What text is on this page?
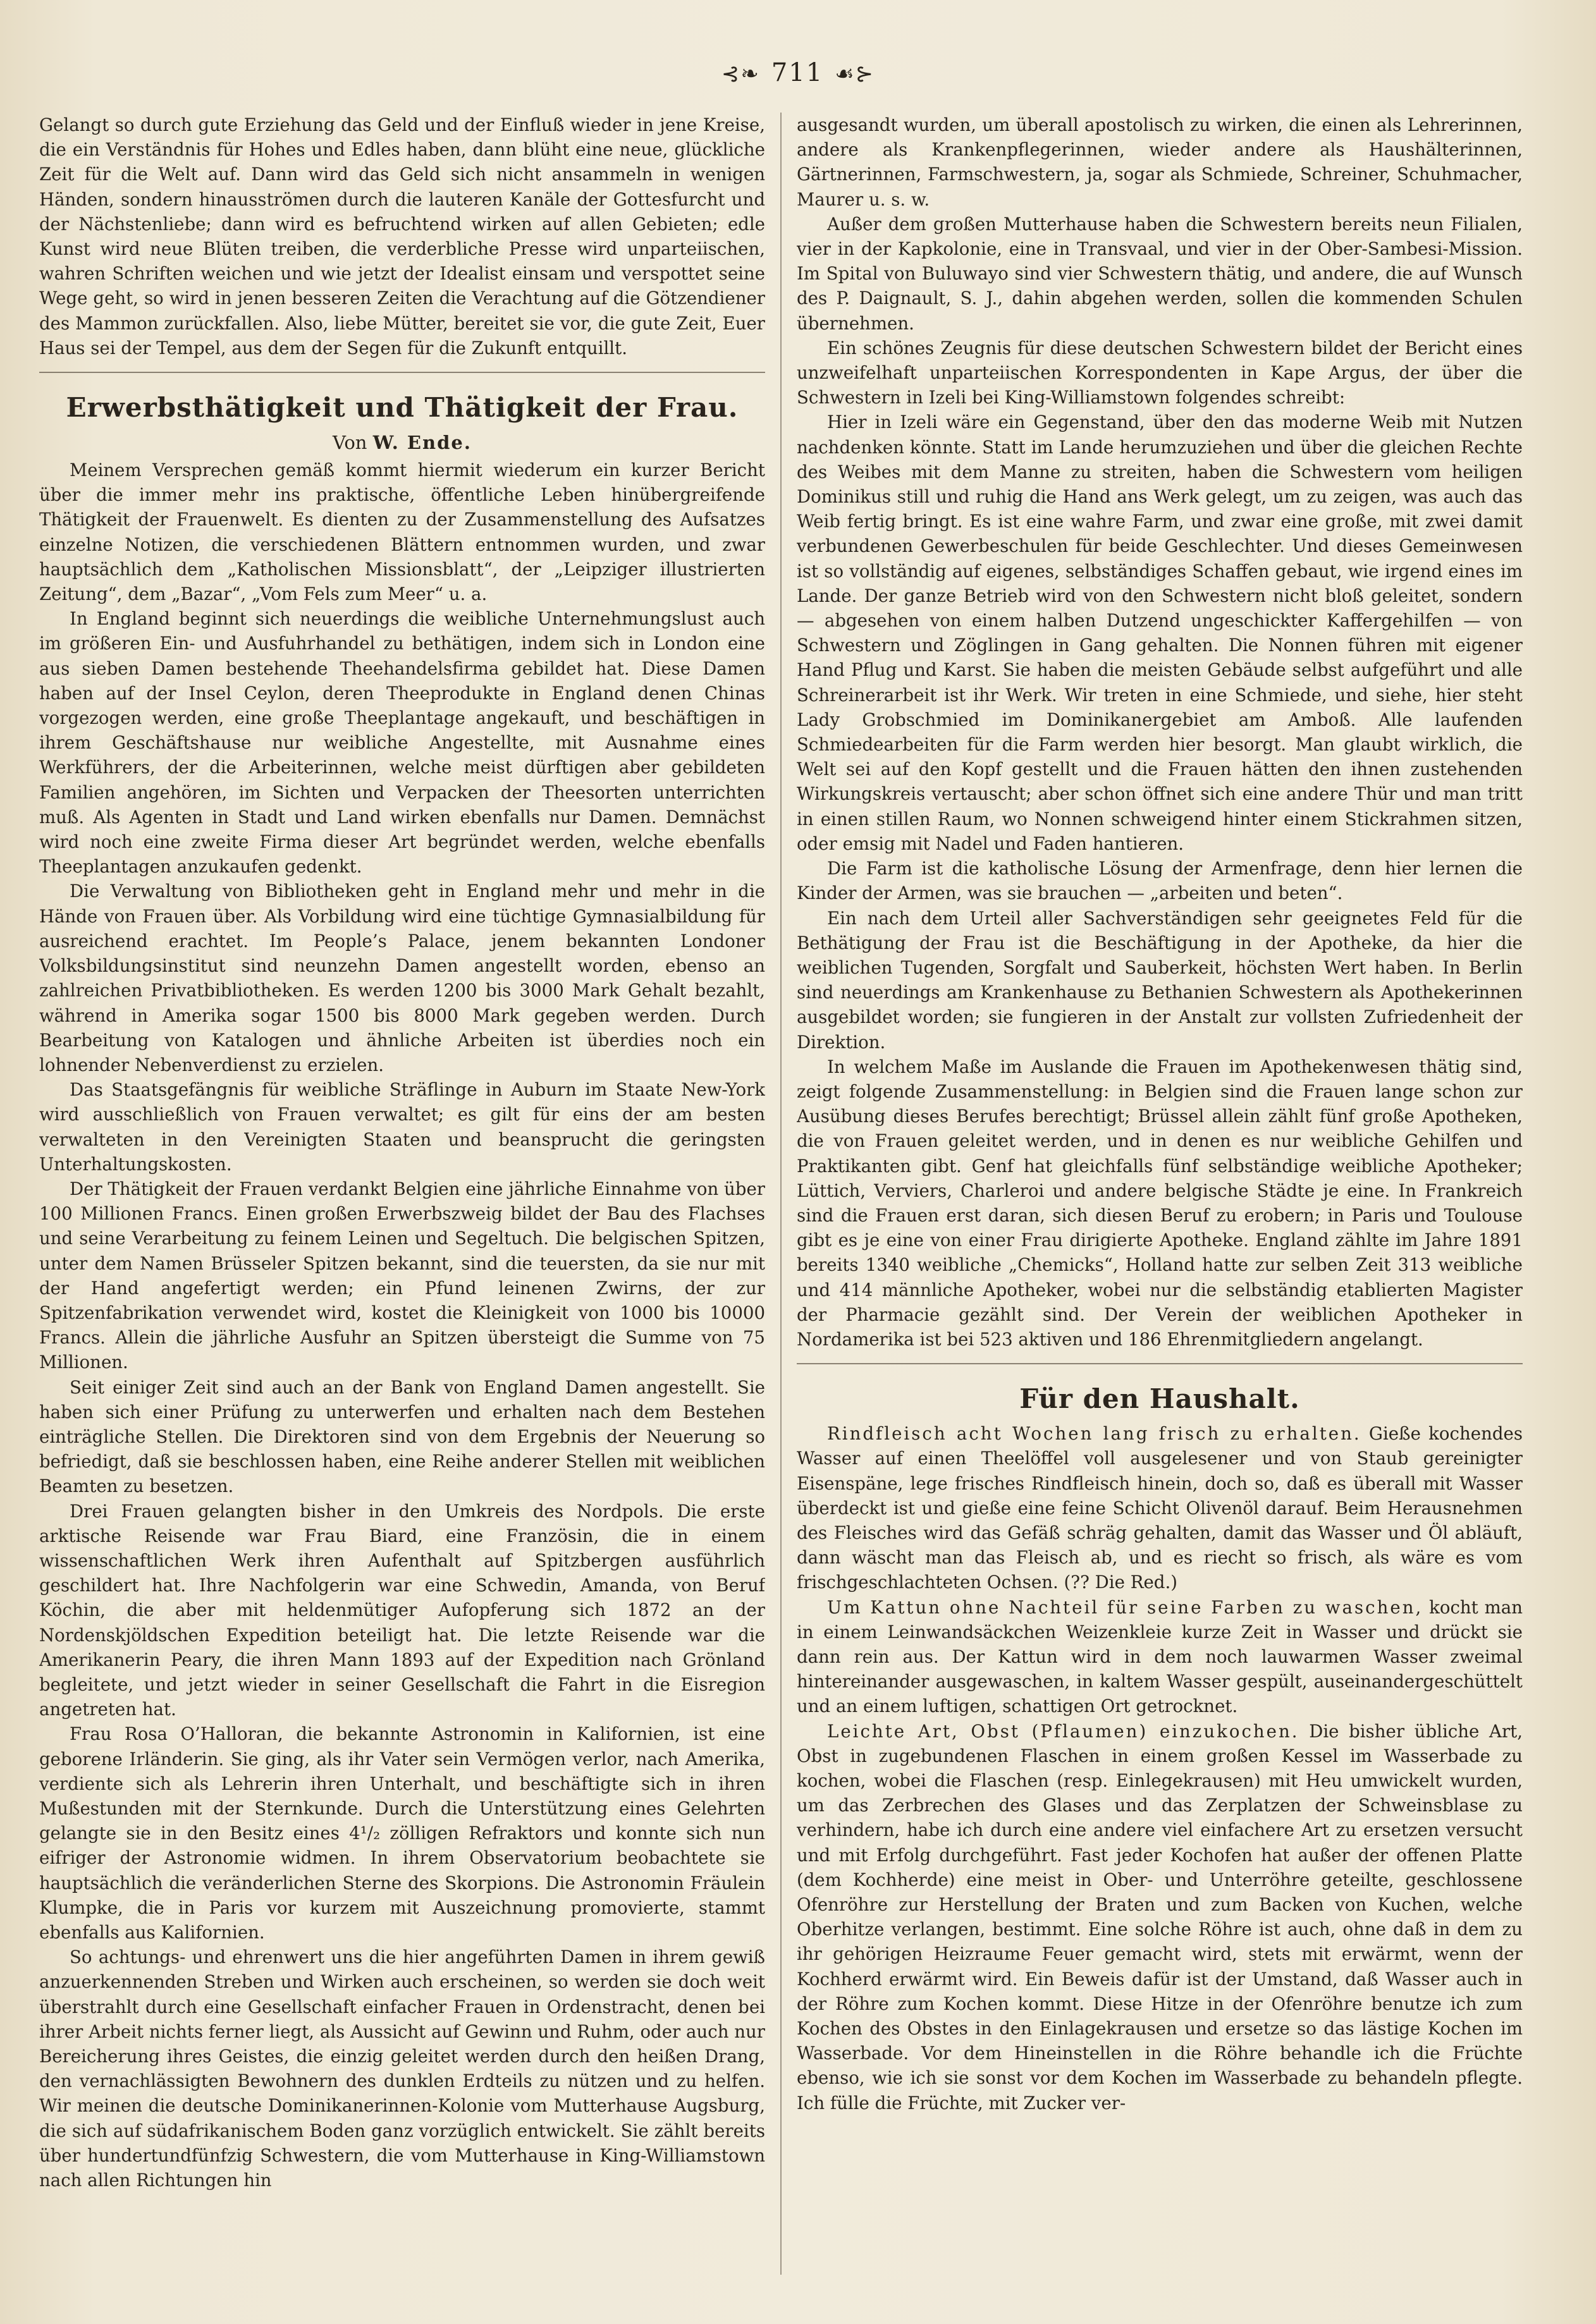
⊰❧ 711 ☙⊱

Gelangt so durch gute Erziehung das Geld und der Einfluß wieder in jene Kreise, die ein Verständnis für Hohes und Edles haben, dann blüht eine neue, glückliche Zeit für die Welt auf. Dann wird das Geld sich nicht ansammeln in wenigen Händen, sondern hinausströmen durch die lauteren Kanäle der Gottesfurcht und der Nächstenliebe; dann wird es befruchtend wirken auf allen Gebieten; edle Kunst wird neue Blüten treiben, die verderbliche Presse wird unparteiischen, wahren Schriften weichen und wie jetzt der Idealist einsam und verspottet seine Wege geht, so wird in jenen besseren Zeiten die Verachtung auf die Götzendiener des Mammon zurückfallen. Also, liebe Mütter, bereitet sie vor, die gute Zeit, Euer Haus sei der Tempel, aus dem der Segen für die Zukunft entquillt.

Erwerbsthätigkeit und Thätigkeit der Frau.
Von W. Ende.

Meinem Versprechen gemäß kommt hiermit wiederum ein kurzer Bericht über die immer mehr ins praktische, öffentliche Leben hinübergreifende Thätigkeit der Frauenwelt. Es dienten zu der Zusammenstellung des Aufsatzes einzelne Notizen, die verschiedenen Blättern entnommen wurden, und zwar hauptsächlich dem „Katholischen Missionsblatt“, der „Leipziger illustrierten Zeitung“, dem „Bazar“, „Vom Fels zum Meer“ u. a.

In England beginnt sich neuerdings die weibliche Unternehmungslust auch im größeren Ein- und Ausfuhrhandel zu bethätigen, indem sich in London eine aus sieben Damen bestehende Theehandelsfirma gebildet hat. Diese Damen haben auf der Insel Ceylon, deren Theeprodukte in England denen Chinas vorgezogen werden, eine große Theeplantage angekauft, und beschäftigen in ihrem Geschäftshause nur weibliche Angestellte, mit Ausnahme eines Werkführers, der die Arbeiterinnen, welche meist dürftigen aber gebildeten Familien angehören, im Sichten und Verpacken der Theesorten unterrichten muß. Als Agenten in Stadt und Land wirken ebenfalls nur Damen. Demnächst wird noch eine zweite Firma dieser Art begründet werden, welche ebenfalls Theeplantagen anzukaufen gedenkt.

Die Verwaltung von Bibliotheken geht in England mehr und mehr in die Hände von Frauen über. Als Vorbildung wird eine tüchtige Gymnasialbildung für ausreichend erachtet. Im People’s Palace, jenem bekannten Londoner Volksbildungsinstitut sind neunzehn Damen angestellt worden, ebenso an zahlreichen Privatbibliotheken. Es werden 1200 bis 3000 Mark Gehalt bezahlt, während in Amerika sogar 1500 bis 8000 Mark gegeben werden. Durch Bearbeitung von Katalogen und ähnliche Arbeiten ist überdies noch ein lohnender Nebenverdienst zu erzielen.

Das Staatsgefängnis für weibliche Sträflinge in Auburn im Staate New-York wird ausschließlich von Frauen verwaltet; es gilt für eins der am besten verwalteten in den Vereinigten Staaten und beansprucht die geringsten Unterhaltungskosten.

Der Thätigkeit der Frauen verdankt Belgien eine jährliche Einnahme von über 100 Millionen Francs. Einen großen Erwerbszweig bildet der Bau des Flachses und seine Verarbeitung zu feinem Leinen und Segeltuch. Die belgischen Spitzen, unter dem Namen Brüsseler Spitzen bekannt, sind die teuersten, da sie nur mit der Hand angefertigt werden; ein Pfund leinenen Zwirns, der zur Spitzenfabrikation verwendet wird, kostet die Kleinigkeit von 1000 bis 10000 Francs. Allein die jährliche Ausfuhr an Spitzen übersteigt die Summe von 75 Millionen.

Seit einiger Zeit sind auch an der Bank von England Damen angestellt. Sie haben sich einer Prüfung zu unterwerfen und erhalten nach dem Bestehen einträgliche Stellen. Die Direktoren sind von dem Ergebnis der Neuerung so befriedigt, daß sie beschlossen haben, eine Reihe anderer Stellen mit weiblichen Beamten zu besetzen.

Drei Frauen gelangten bisher in den Umkreis des Nordpols. Die erste arktische Reisende war Frau Biard, eine Französin, die in einem wissenschaftlichen Werk ihren Aufenthalt auf Spitzbergen ausführlich geschildert hat. Ihre Nachfolgerin war eine Schwedin, Amanda, von Beruf Köchin, die aber mit heldenmütiger Aufopferung sich 1872 an der Nordenskjöldschen Expedition beteiligt hat. Die letzte Reisende war die Amerikanerin Peary, die ihren Mann 1893 auf der Expedition nach Grönland begleitete, und jetzt wieder in seiner Gesellschaft die Fahrt in die Eisregion angetreten hat.

Frau Rosa O’Halloran, die bekannte Astronomin in Kalifornien, ist eine geborene Irländerin. Sie ging, als ihr Vater sein Vermögen verlor, nach Amerika, verdiente sich als Lehrerin ihren Unterhalt, und beschäftigte sich in ihren Mußestunden mit der Sternkunde. Durch die Unterstützung eines Gelehrten gelangte sie in den Besitz eines 4¹/₂ zölligen Refraktors und konnte sich nun eifriger der Astronomie widmen. In ihrem Observatorium beobachtete sie hauptsächlich die veränderlichen Sterne des Skorpions. Die Astronomin Fräulein Klumpke, die in Paris vor kurzem mit Auszeichnung promovierte, stammt ebenfalls aus Kalifornien.

So achtungs- und ehrenwert uns die hier angeführten Damen in ihrem gewiß anzuerkennenden Streben und Wirken auch erscheinen, so werden sie doch weit überstrahlt durch eine Gesellschaft einfacher Frauen in Ordenstracht, denen bei ihrer Arbeit nichts ferner liegt, als Aussicht auf Gewinn und Ruhm, oder auch nur Bereicherung ihres Geistes, die einzig geleitet werden durch den heißen Drang, den vernachlässigten Bewohnern des dunklen Erdteils zu nützen und zu helfen. Wir meinen die deutsche Dominikanerinnen-Kolonie vom Mutterhause Augsburg, die sich auf südafrikanischem Boden ganz vorzüglich entwickelt. Sie zählt bereits über hundertundfünfzig Schwestern, die vom Mutterhause in King-Williamstown nach allen Richtungen hin

ausgesandt wurden, um überall apostolisch zu wirken, die einen als Lehrerinnen, andere als Krankenpflegerinnen, wieder andere als Haushälterinnen, Gärtnerinnen, Farmschwestern, ja, sogar als Schmiede, Schreiner, Schuhmacher, Maurer u. s. w.

Außer dem großen Mutterhause haben die Schwestern bereits neun Filialen, vier in der Kapkolonie, eine in Transvaal, und vier in der Ober-Sambesi-Mission. Im Spital von Buluwayo sind vier Schwestern thätig, und andere, die auf Wunsch des P. Daignault, S. J., dahin abgehen werden, sollen die kommenden Schulen übernehmen.

Ein schönes Zeugnis für diese deutschen Schwestern bildet der Bericht eines unzweifelhaft unparteiischen Korrespondenten in Kape Argus, der über die Schwestern in Izeli bei King-Williamstown folgendes schreibt:

Hier in Izeli wäre ein Gegenstand, über den das moderne Weib mit Nutzen nachdenken könnte. Statt im Lande herumzuziehen und über die gleichen Rechte des Weibes mit dem Manne zu streiten, haben die Schwestern vom heiligen Dominikus still und ruhig die Hand ans Werk gelegt, um zu zeigen, was auch das Weib fertig bringt. Es ist eine wahre Farm, und zwar eine große, mit zwei damit verbundenen Gewerbeschulen für beide Geschlechter. Und dieses Gemeinwesen ist so vollständig auf eigenes, selbständiges Schaffen gebaut, wie irgend eines im Lande. Der ganze Betrieb wird von den Schwestern nicht bloß geleitet, sondern — abgesehen von einem halben Dutzend ungeschickter Kaffergehilfen — von Schwestern und Zöglingen in Gang gehalten. Die Nonnen führen mit eigener Hand Pflug und Karst. Sie haben die meisten Gebäude selbst aufgeführt und alle Schreinerarbeit ist ihr Werk. Wir treten in eine Schmiede, und siehe, hier steht Lady Grobschmied im Dominikanergebiet am Amboß. Alle laufenden Schmiedearbeiten für die Farm werden hier besorgt. Man glaubt wirklich, die Welt sei auf den Kopf gestellt und die Frauen hätten den ihnen zustehenden Wirkungskreis vertauscht; aber schon öffnet sich eine andere Thür und man tritt in einen stillen Raum, wo Nonnen schweigend hinter einem Stickrahmen sitzen, oder emsig mit Nadel und Faden hantieren.

Die Farm ist die katholische Lösung der Armenfrage, denn hier lernen die Kinder der Armen, was sie brauchen — „arbeiten und beten“.

Ein nach dem Urteil aller Sachverständigen sehr geeignetes Feld für die Bethätigung der Frau ist die Beschäftigung in der Apotheke, da hier die weiblichen Tugenden, Sorgfalt und Sauberkeit, höchsten Wert haben. In Berlin sind neuerdings am Krankenhause zu Bethanien Schwestern als Apothekerinnen ausgebildet worden; sie fungieren in der Anstalt zur vollsten Zufriedenheit der Direktion.

In welchem Maße im Auslande die Frauen im Apothekenwesen thätig sind, zeigt folgende Zusammenstellung: in Belgien sind die Frauen lange schon zur Ausübung dieses Berufes berechtigt; Brüssel allein zählt fünf große Apotheken, die von Frauen geleitet werden, und in denen es nur weibliche Gehilfen und Praktikanten gibt. Genf hat gleichfalls fünf selbständige weibliche Apotheker; Lüttich, Verviers, Charleroi und andere belgische Städte je eine. In Frankreich sind die Frauen erst daran, sich diesen Beruf zu erobern; in Paris und Toulouse gibt es je eine von einer Frau dirigierte Apotheke. England zählte im Jahre 1891 bereits 1340 weibliche „Chemicks“, Holland hatte zur selben Zeit 313 weibliche und 414 männliche Apotheker, wobei nur die selbständig etablierten Magister der Pharmacie gezählt sind. Der Verein der weiblichen Apotheker in Nordamerika ist bei 523 aktiven und 186 Ehrenmitgliedern angelangt.

Für den Haushalt.

Rindfleisch acht Wochen lang frisch zu erhalten. Gieße kochendes Wasser auf einen Theelöffel voll ausgelesener und von Staub gereinigter Eisenspäne, lege frisches Rindfleisch hinein, doch so, daß es überall mit Wasser überdeckt ist und gieße eine feine Schicht Olivenöl darauf. Beim Herausnehmen des Fleisches wird das Gefäß schräg gehalten, damit das Wasser und Öl abläuft, dann wäscht man das Fleisch ab, und es riecht so frisch, als wäre es vom frischgeschlachteten Ochsen. (?? Die Red.)

Um Kattun ohne Nachteil für seine Farben zu waschen, kocht man in einem Leinwandsäckchen Weizenkleie kurze Zeit in Wasser und drückt sie dann rein aus. Der Kattun wird in dem noch lauwarmen Wasser zweimal hintereinander ausgewaschen, in kaltem Wasser gespült, auseinandergeschüttelt und an einem luftigen, schattigen Ort getrocknet.

Leichte Art, Obst (Pflaumen) einzukochen. Die bisher übliche Art, Obst in zugebundenen Flaschen in einem großen Kessel im Wasserbade zu kochen, wobei die Flaschen (resp. Einlegekrausen) mit Heu umwickelt wurden, um das Zerbrechen des Glases und das Zerplatzen der Schweinsblase zu verhindern, habe ich durch eine andere viel einfachere Art zu ersetzen versucht und mit Erfolg durchgeführt. Fast jeder Kochofen hat außer der offenen Platte (dem Kochherde) eine meist in Ober- und Unterröhre geteilte, geschlossene Ofenröhre zur Herstellung der Braten und zum Backen von Kuchen, welche Oberhitze verlangen, bestimmt. Eine solche Röhre ist auch, ohne daß in dem zu ihr gehörigen Heizraume Feuer gemacht wird, stets mit erwärmt, wenn der Kochherd erwärmt wird. Ein Beweis dafür ist der Umstand, daß Wasser auch in der Röhre zum Kochen kommt. Diese Hitze in der Ofenröhre benutze ich zum Kochen des Obstes in den Einlagekrausen und ersetze so das lästige Kochen im Wasserbade. Vor dem Hineinstellen in die Röhre behandle ich die Früchte ebenso, wie ich sie sonst vor dem Kochen im Wasserbade zu behandeln pflegte. Ich fülle die Früchte, mit Zucker ver-
